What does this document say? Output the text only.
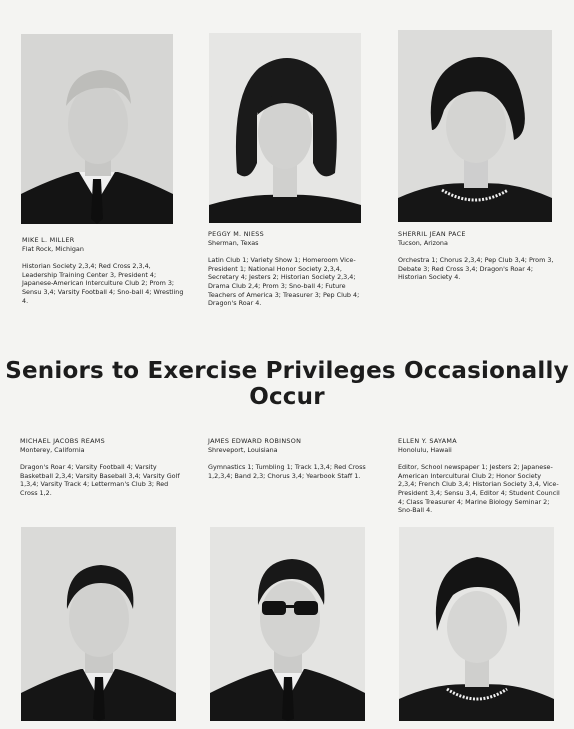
MIKE L. MILLER
Flat Rock, Michigan
Historian Society 2,3,4; Red Cross 2,3,4, Leadership Training Center 3, President 4; Japanese-American Interculture Club 2; Prom 3; Sensu 3,4; Varsity Football 4; Sno-ball 4; Wrestling 4.
PEGGY M. NIESS
Sherman, Texas
Latin Club 1; Variety Show 1; Homeroom Vice-President 1; National Honor Society 2,3,4, Secretary 4; Jesters 2; Historian Society 2,3,4; Drama Club 2,4; Prom 3; Sno-ball 4; Future Teachers of America 3; Treasurer 3; Pep Club 4; Dragon's Roar 4.
SHERRIL JEAN PACE
Tucson, Arizona
Orchestra 1; Chorus 2,3,4; Pep Club 3,4; Prom 3, Debate 3; Red Cross 3,4; Dragon's Roar 4; Historian Society 4.
Seniors to Exercise Privileges Occasionally Occur
MICHAEL JACOBS REAMS
Monterey, California
Dragon's Roar 4; Varsity Football 4; Varsity Basketball 2,3,4; Varsity Baseball 3,4; Varsity Golf 1,3,4; Varsity Track 4; Letterman's Club 3; Red Cross 1,2.
JAMES EDWARD ROBINSON
Shreveport, Louisiana
Gymnastics 1; Tumbling 1; Track 1,3,4; Red Cross 1,2,3,4; Band 2,3; Chorus 3,4; Yearbook Staff 1.
ELLEN Y. SAYAMA
Honolulu, Hawaii
Editor, School newspaper 1; Jesters 2; Japanese-American Intercultural Club 2; Honor Society 2,3,4; French Club 3,4; Historian Society 3,4, Vice-President 3,4; Sensu 3,4, Editor 4; Student Council 4; Class Treasurer 4; Marine Biology Seminar 2; Sno-Ball 4.
